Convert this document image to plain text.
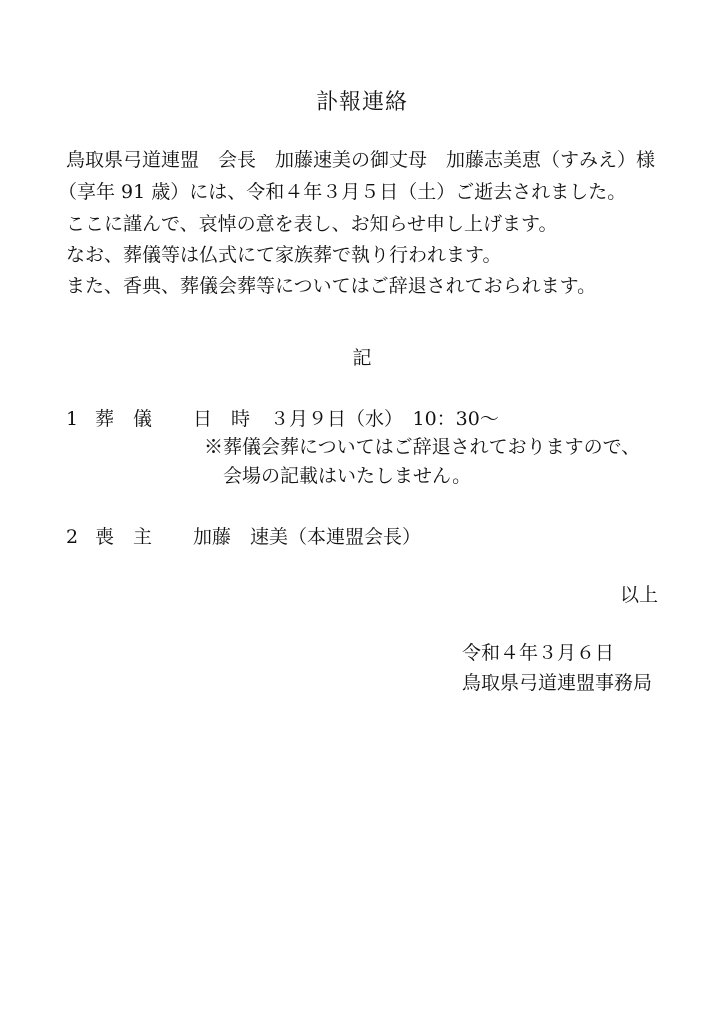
訃報連絡
鳥取県弓道連盟　会長　加藤速美の御丈母　加藤志美恵（すみえ）様
（享年 91 歳）には、令和４年３月５日（土）ご逝去されました。
ここに謹んで、哀悼の意を表し、お知らせ申し上げます。
なお、葬儀等は仏式にて家族葬で執り行われます。
また、香典、葬儀会葬等についてはご辞退されておられます。
記
1 葬　儀 日　時 ３月９日（水）　10：30～
※葬儀会葬についてはご辞退されておりますので、
会場の記載はいたしません。
2 喪　主 加藤　速美（本連盟会長）
以上
令和４年３月６日
鳥取県弓道連盟事務局
